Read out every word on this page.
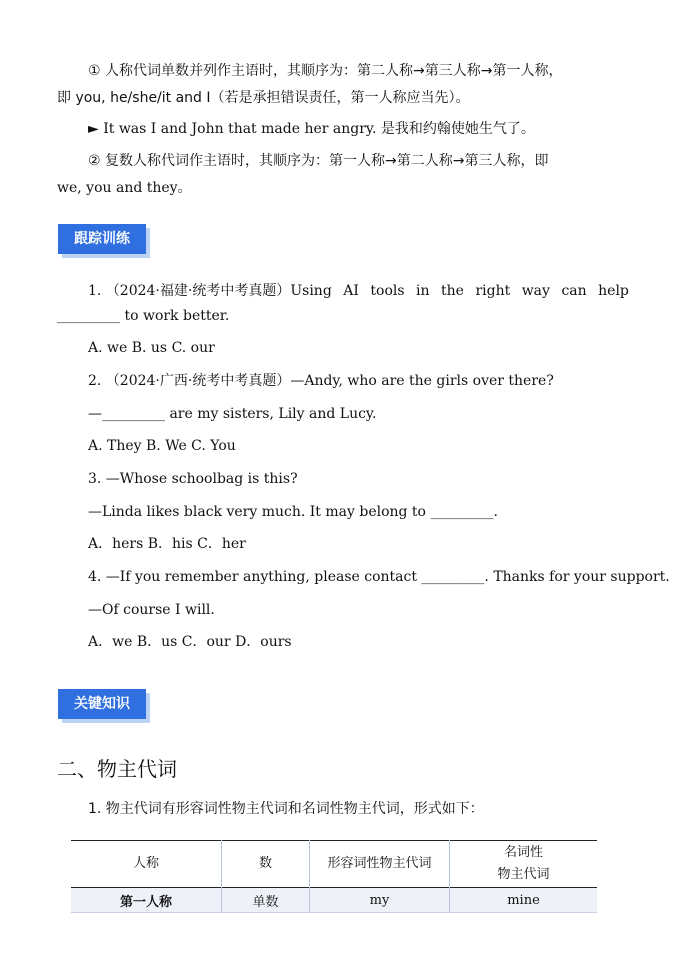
① 人称代词单数并列作主语时，其顺序为：第二人称→第三人称→第一人称，
即 you, he/she/it and I（若是承担错误责任，第一人称应当先）。
► It was I and John that made her angry. 是我和约翰使她生气了。
② 复数人称代词作主语时，其顺序为：第一人称→第二人称→第三人称，即
we, you and they。
跟踪训练
1. （2024·福建·统考中考真题）Using AI tools in the right way can help
_________ to work better.
A. we B. us C. our
2. （2024·广西·统考中考真题）—Andy, who are the girls over there?
—_________ are my sisters, Lily and Lucy.
A. They B. We C. You
3. —Whose schoolbag is this?
—Linda likes black very much. It may belong to _________.
A．hers B．his C．her
4. —If you remember anything, please contact _________. Thanks for your support.
—Of course I will.
A．we B．us C．our D．ours
关键知识
二、物主代词
1. 物主代词有形容词性物主代词和名词性物主代词，形式如下：
人称	数	形容词性物主代词	名词性
物主代词

第一人称	单数	my	mine
